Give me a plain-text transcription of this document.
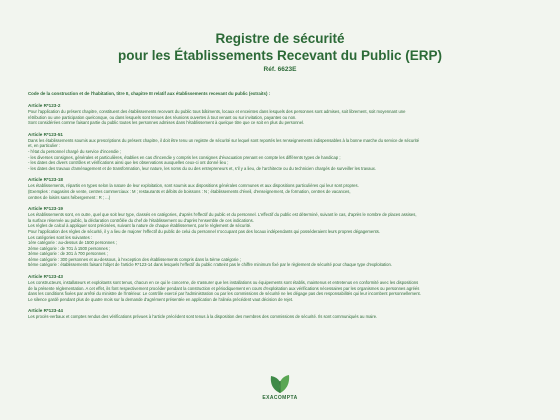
Registre de sécurité
pour les Établissements Recevant du Public (ERP)
Réf. 6623E
Code de la construction et de l'habitation, titre II, chapitre III relatif aux établissements recevant du public (extraits) :
Article R*123-2

Pour l'application du présent chapitre, constituent des établissements recevant du public tous bâtiments, locaux et enceintes dans lesquels des personnes sont admises, soit librement, soit moyennant une

rétribution ou une participation quelconque, ou dans lesquels sont tenues des réunions ouvertes à tout venant ou sur invitation, payantes ou non.

Sont considérées comme faisant partie du public toutes les personnes admises dans l'établissement à quelque titre que ce soit en plus du personnel.

Article R*123-51

Dans les établissements soumis aux prescriptions du présent chapitre, il doit être tenu un registre de sécurité sur lequel sont reportés les renseignements indispensables à la bonne marche du service de sécurité

et, en particulier :

- l'état du personnel chargé du service d'incendie ;

- les diverses consignes, générales et particulières, établies en cas d'incendie y compris les consignes d'évacuation prenant en compte les différents types de handicap ;

- les dates des divers contrôles et vérifications ainsi que les observations auxquelles ceux-ci ont donné lieu ;

- les dates des travaux d'aménagement et de transformation, leur nature, les noms du ou des entrepreneurs et, s'il y a lieu, de l'architecte ou du technicien chargés de surveiller les travaux.

Article R*123-18

Les établissements, répartis en types selon la nature de leur exploitation, sont soumis aux dispositions générales communes et aux dispositions particulières qui leur sont propres.

(Exemples : magasins de vente, centres commerciaux : M ; restaurants et débits de boissons : N ; établissements d'éveil, d'enseignement, de formation, centres de vacances,

centres de loisirs sans hébergement : R ; ...)

Article R*123-19

Les établissements sont, en outre, quel que soit leur type, classés en catégories, d'après l'effectif du public et du personnel. L'effectif du public est déterminé, suivant le cas, d'après le nombre de places assises,

la surface réservée au public, la déclaration contrôlée du chef de l'établissement ou d'après l'ensemble de ces indications.

Les règles de calcul à appliquer sont précisées, suivant la nature de chaque établissement, par le règlement de sécurité.

Pour l'application des règles de sécurité, il y a lieu de majorer l'effectif du public de celui du personnel n'occupant pas des locaux indépendants qui posséderaient leurs propres dégagements.

Les catégories sont les suivantes :

1ère catégorie : au-dessus de 1500 personnes ;

2ème catégorie : de 701 à 1500 personnes ;

3ème catégorie : de 301 à 700 personnes ;

4ème catégorie : 300 personnes et au-dessous, à l'exception des établissements compris dans la 5ème catégorie ;

5ème catégorie : établissements faisant l'objet de l'article R*123-14 dans lesquels l'effectif du public n'atteint pas le chiffre minimum fixé par le règlement de sécurité pour chaque type d'exploitation.

Article R*123-43

Les constructeurs, installateurs et exploitants sont tenus, chacun en ce qui le concerne, de s'assurer que les installations ou équipements sont établis, maintenus et entretenus en conformité avec les dispositions

de la présente réglementation. A cet effet, ils font respectivement procéder pendant la construction et périodiquement en cours d'exploitation aux vérifications nécessaires par les organismes ou personnes agréés

dans les conditions fixées par arrêté du ministre de l'intérieur. Le contrôle exercé par l'administration ou par les commissions de sécurité ne les dégage pas des responsabilités qui leur incombent personnellement.

Le silence gardé pendant plus de quatre mois sur la demande d'agrément présentée en application de l'alinéa précédent vaut décision de rejet.

Article R*123-44

Les procès-verbaux et comptes rendus des vérifications prévues à l'article précédent sont tenus à la disposition des membres des commissions de sécurité. Ils sont communiqués au maire.

EXACOMPTA
